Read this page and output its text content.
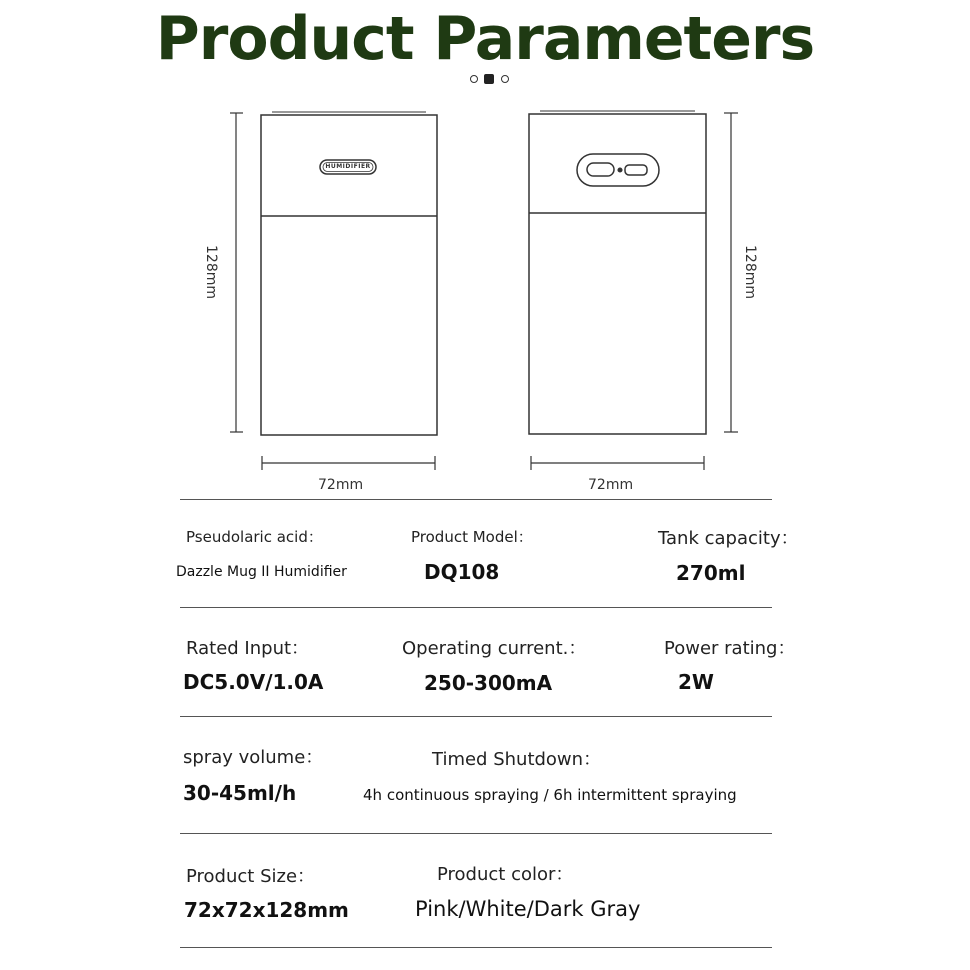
Product Parameters
HUMIDIFIER
128mm	128mm
72mm	72mm
Pseudolaric acid：
Dazzle Mug II Humidifier
Product Model：
DQ108
Tank capacity：
270ml
Rated Input：
DC5.0V/1.0A
Operating current.：
250-300mA
Power rating：
2W
spray volume：
30-45ml/h
Timed Shutdown：
4h continuous spraying / 6h intermittent spraying
Product Size：
72x72x128mm
Product color：
Pink/White/Dark Gray
